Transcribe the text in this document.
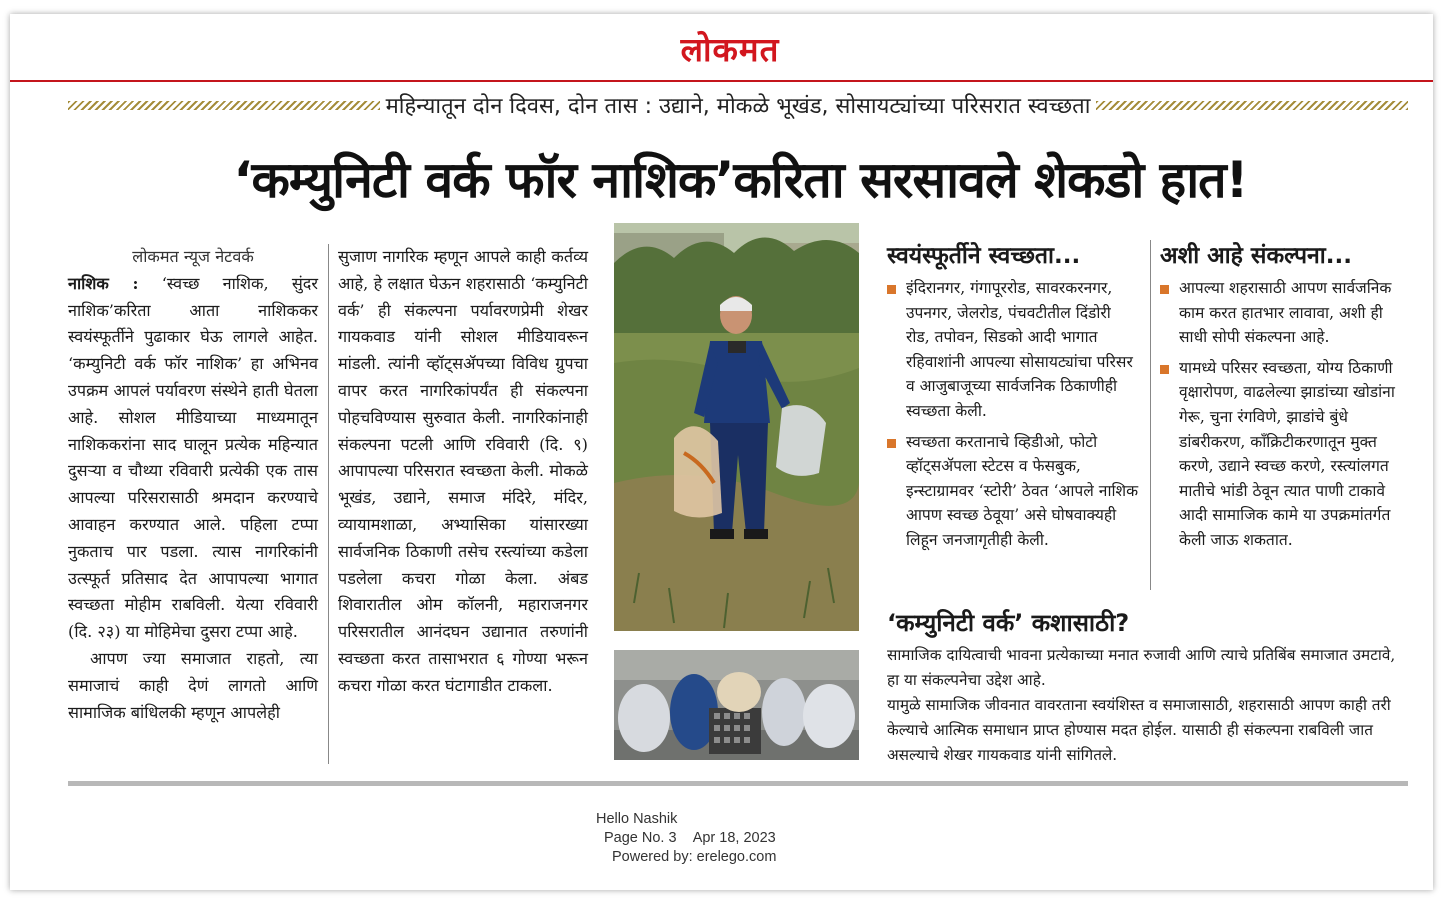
लोकमत
महिन्यातून दोन दिवस, दोन तास : उद्याने, मोकळे भूखंड, सोसायट्यांच्या परिसरात स्वच्छता
‘कम्युनिटी वर्क फॉर नाशिक’करिता सरसावले शेकडो हात!

लोकमत न्यूज नेटवर्क

नाशिक : ‘स्वच्छ नाशिक, सुंदर नाशिक’करिता आता नाशिककर स्वयंस्फूर्तीने पुढाकार घेऊ लागले आहेत. ‘कम्युनिटी वर्क फॉर नाशिक’ हा अभिनव उपक्रम आपलं पर्यावरण संस्थेने हाती घेतला आहे. सोशल मीडियाच्या माध्यमातून नाशिककरांना साद घालून प्रत्येक महिन्यात दुसऱ्या व चौथ्या रविवारी प्रत्येकी एक तास आपल्या परिसरासाठी श्रमदान करण्याचे आवाहन करण्यात आले. पहिला टप्पा नुकताच पार पडला. त्यास नागरिकांनी उत्स्फूर्त प्रतिसाद देत आपापल्या भागात स्वच्छता मोहीम राबविली. येत्या रविवारी (दि. २३) या मोहिमेचा दुसरा टप्पा आहे.

आपण ज्या समाजात राहतो, त्या समाजाचं काही देणं लागतो आणि सामाजिक बांधिलकी म्हणून आपलेही

सुजाण नागरिक म्हणून आपले काही कर्तव्य आहे, हे लक्षात घेऊन शहरासाठी ‘कम्युनिटी वर्क’ ही संकल्पना पर्यावरणप्रेमी शेखर गायकवाड यांनी सोशल मीडियावरून मांडली. त्यांनी व्हॉट्सॲपच्या विविध ग्रुपचा वापर करत नागरिकांपर्यंत ही संकल्पना पोहचविण्यास सुरुवात केली. नागरिकांनाही संकल्पना पटली आणि रविवारी (दि. ९) आपापल्या परिसरात स्वच्छता केली. मोकळे भूखंड, उद्याने, समाज मंदिरे, मंदिर, व्यायामशाळा, अभ्यासिका यांसारख्या सार्वजनिक ठिकाणी तसेच रस्त्यांच्या कडेला पडलेला कचरा गोळा केला. अंबड शिवारातील ओम कॉलनी, महाराजनगर परिसरातील आनंदघन उद्यानात तरुणांनी स्वच्छता करत तासाभरात ६ गोण्या भरून कचरा गोळा करत घंटागाडीत टाकला.

स्वयंस्फूर्तीने स्वच्छता...
इंदिरानगर, गंगापूररोड, सावरकरनगर, उपनगर, जेलरोड, पंचवटीतील दिंडोरी रोड, तपोवन, सिडको आदी भागात रहिवाशांनी आपल्या सोसायट्यांचा परिसर व आजुबाजूच्या सार्वजनिक ठिकाणीही स्वच्छता केली.
स्वच्छता करतानाचे व्हिडीओ, फोटो व्हॉट्सॲपला स्टेटस व फेसबुक, इन्स्टाग्रामवर ‘स्टोरी’ ठेवत ‘आपले नाशिक आपण स्वच्छ ठेवूया’ असे घोषवाक्यही लिहून जनजागृतीही केली.
अशी आहे संकल्पना...
आपल्या शहरासाठी आपण सार्वजनिक काम करत हातभार लावावा, अशी ही साधी सोपी संकल्पना आहे.
यामध्ये परिसर स्वच्छता, योग्य ठिकाणी वृक्षारोपण, वाढलेल्या झाडांच्या खोडांना गेरू, चुना रंगविणे, झाडांचे बुंधे डांबरीकरण, कॉंक्रिटीकरणातून मुक्त करणे, उद्याने स्वच्छ करणे, रस्त्यांलगत मातीचे भांडी ठेवून त्यात पाणी टाकावे आदी सामाजिक कामे या उपक्रमांतर्गत केली जाऊ शकतात.
‘कम्युनिटी वर्क’ कशासाठी?

सामाजिक दायित्वाची भावना प्रत्येकाच्या मनात रुजावी आणि त्याचे प्रतिबिंब समाजात उमटावे, हा या संकल्पनेचा उद्देश आहे.

यामुळे सामाजिक जीवनात वावरताना स्वयंशिस्त व समाजासाठी, शहरासाठी आपण काही तरी केल्याचे आत्मिक समाधान प्राप्त होण्यास मदत होईल. यासाठी ही संकल्पना राबविली जात असल्याचे शेखर गायकवाड यांनी सांगितले.

Hello Nashik
Page No. 3 Apr 18, 2023
Powered by: erelego.com
